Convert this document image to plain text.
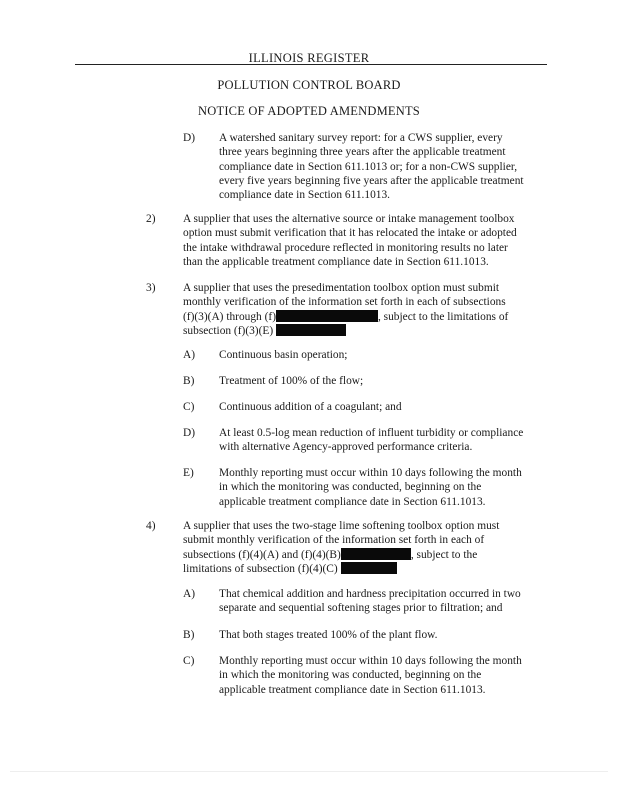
ILLINOIS REGISTER
POLLUTION CONTROL BOARD
NOTICE OF ADOPTED AMENDMENTS
D) A watershed sanitary survey report: for a CWS supplier, every
three years beginning three years after the applicable treatment
compliance date in Section 611.1013 or; for a non-CWS supplier,
every five years beginning five years after the applicable treatment
compliance date in Section 611.1013.
2) A supplier that uses the alternative source or intake management toolbox
option must submit verification that it has relocated the intake or adopted
the intake withdrawal procedure reflected in monitoring results no later
than the applicable treatment compliance date in Section 611.1013.
3) A supplier that uses the presedimentation toolbox option must submit
monthly verification of the information set forth in each of subsections
(f)(3)(A) through (f)	, subject to the limitations of
subsection (f)(3)(E)
A) Continuous basin operation;
B) Treatment of 100% of the flow;
C) Continuous addition of a coagulant; and
D) At least 0.5-log mean reduction of influent turbidity or compliance
with alternative Agency-approved performance criteria.
E) Monthly reporting must occur within 10 days following the month
in which the monitoring was conducted, beginning on the
applicable treatment compliance date in Section 611.1013.
4) A supplier that uses the two-stage lime softening toolbox option must
submit monthly verification of the information set forth in each of
subsections (f)(4)(A) and (f)(4)(B)	, subject to the
limitations of subsection (f)(4)(C)
A) That chemical addition and hardness precipitation occurred in two
separate and sequential softening stages prior to filtration; and
B) That both stages treated 100% of the plant flow.
C) Monthly reporting must occur within 10 days following the month
in which the monitoring was conducted, beginning on the
applicable treatment compliance date in Section 611.1013.
